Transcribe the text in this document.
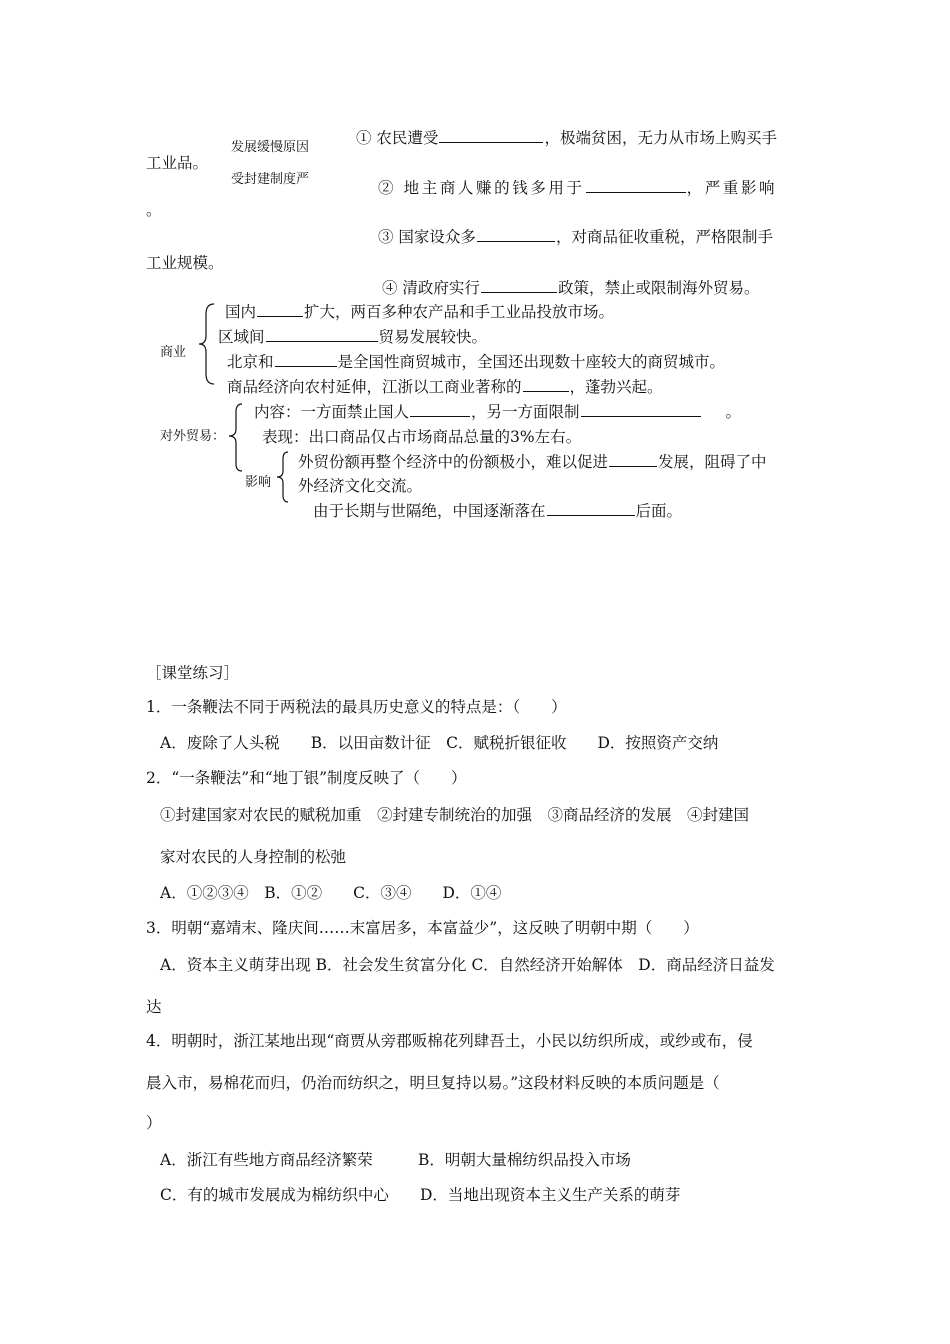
发展缓慢原因
受封建制度严
。
① 农民遭受	，极端贫困，无力从市场上购买手
工业品。
② 地主商人赚的钱多用于	，严重影响
③ 国家设众多	，对商品征收重税，严格限制手
工业规模。
④ 清政府实行	政策，禁止或限制海外贸易。
商业
国内	扩大，两百多种农产品和手工业品投放市场。
区域间	贸易发展较快。
北京和	是全国性商贸城市，全国还出现数十座较大的商贸城市。
商品经济向农村延伸，江浙以工商业著称的	，蓬勃兴起。
对外贸易：
内容：一方面禁止国人	，另一方面限制	。
表现：出口商品仅占市场商品总量的3%左右。
影响
外贸份额再整个经济中的份额极小，难以促进	发展，阻碍了中
外经济文化交流。
由于长期与世隔绝，中国逐渐落在	后面。
［课堂练习］
1．一条鞭法不同于两税法的最具历史意义的特点是：（　　）
A．废除了人头税　　B．以田亩数计征　C．赋税折银征收　　D．按照资产交纳
2．“一条鞭法”和“地丁银”制度反映了（　　）
①封建国家对农民的赋税加重　②封建专制统治的加强　③商品经济的发展　④封建国
家对农民的人身控制的松弛
A．①②③④　B．①②　　C．③④　　D．①④
3．明朝“嘉靖末、隆庆间……末富居多，本富益少”，这反映了明朝中期（　　）
A．资本主义萌芽出现 B．社会发生贫富分化 C．自然经济开始解体　D．商品经济日益发
达
4．明朝时，浙江某地出现“商贾从旁郡贩棉花列肆吾土，小民以纺织所成，或纱或布，侵
晨入市，易棉花而归，仍治而纺织之，明旦复持以易。”这段材料反映的本质问题是（
）
A．浙江有些地方商品经济繁荣	B．明朝大量棉纺织品投入市场
C．有的城市发展成为棉纺织中心 D．当地出现资本主义生产关系的萌芽
